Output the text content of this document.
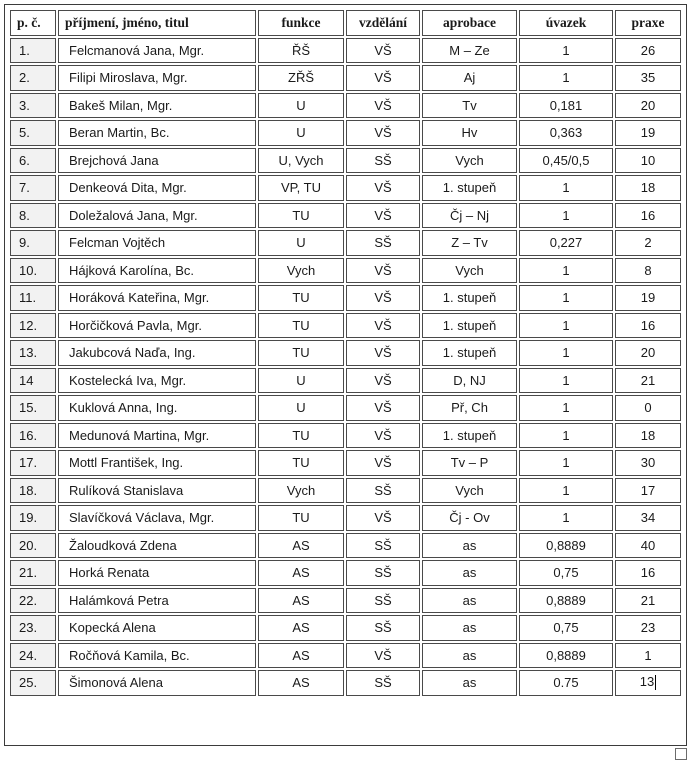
p. č.	příjmení, jméno, titul	funkce	vzdělání	aprobace	úvazek	praxe
1.	Felcmanová Jana, Mgr.	ŘŠ	VŠ	M – Ze	1	26
2.	Filipi Miroslava, Mgr.	ZŘŠ	VŠ	Aj	1	35
3.	Bakeš Milan, Mgr.	U	VŠ	Tv	0,181	20
5.	Beran Martin, Bc.	U	VŠ	Hv	0,363	19
6.	Brejchová Jana	U, Vych	SŠ	Vych	0,45/0,5	10
7.	Denkeová Dita, Mgr.	VP, TU	VŠ	1. stupeň	1	18
8.	Doležalová Jana, Mgr.	TU	VŠ	Čj – Nj	1	16
9.	Felcman Vojtěch	U	SŠ	Z – Tv	0,227	2
10.	Hájková Karolína, Bc.	Vych	VŠ	Vych	1	8
11.	Horáková Kateřina, Mgr.	TU	VŠ	1. stupeň	1	19
12.	Horčičková Pavla, Mgr.	TU	VŠ	1. stupeň	1	16
13.	Jakubcová Naďa, Ing.	TU	VŠ	1. stupeň	1	20
14	Kostelecká Iva, Mgr.	U	VŠ	D, NJ	1	21
15.	Kuklová Anna, Ing.	U	VŠ	Př, Ch	1	0
16.	Medunová Martina, Mgr.	TU	VŠ	1. stupeň	1	18
17.	Mottl František, Ing.	TU	VŠ	Tv – P	1	30
18.	Rulíková Stanislava	Vych	SŠ	Vych	1	17
19.	Slavíčková Václava, Mgr.	TU	VŠ	Čj - Ov	1	34
20.	Žaloudková Zdena	AS	SŠ	as	0,8889	40
21.	Horká Renata	AS	SŠ	as	0,75	16
22.	Halámková Petra	AS	SŠ	as	0,8889	21
23.	Kopecká Alena	AS	SŠ	as	0,75	23
24.	Ročňová Kamila, Bc.	AS	VŠ	as	0,8889	1
25.	Šimonová Alena	AS	SŠ	as	0.75	13
